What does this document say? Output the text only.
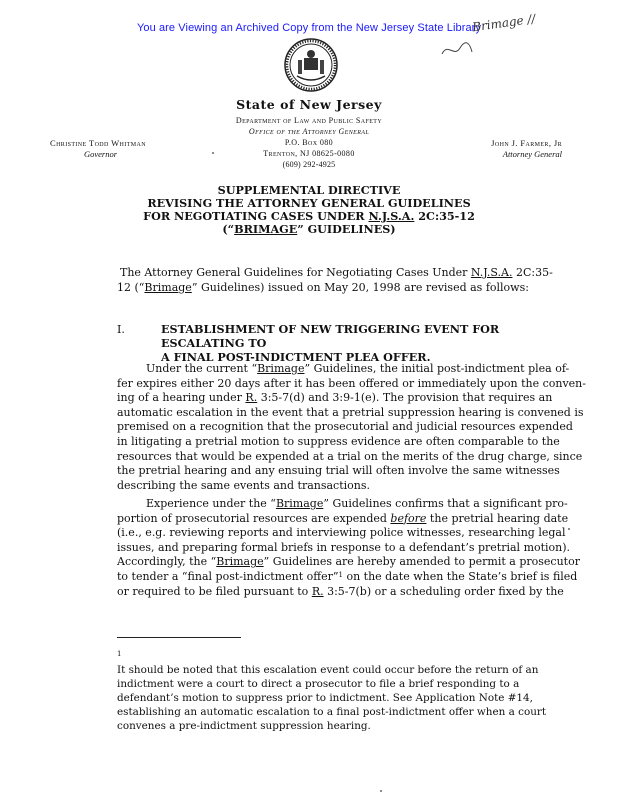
You are Viewing an Archived Copy from the New Jersey State Library
Brimage //
State of New Jersey
Department of Law and Public Safety
Office of the Attorney General
P.O. Box 080
Trenton, NJ 08625-0080
(609) 292-4925
Christine Todd Whitman
Governor
John J. Farmer, Jr
Attorney General
SUPPLEMENTAL DIRECTIVE
REVISING THE ATTORNEY GENERAL GUIDELINES
FOR NEGOTIATING CASES UNDER N.J.S.A. 2C:35-12
(“BRIMAGE” GUIDELINES)
The Attorney General Guidelines for Negotiating Cases Under N.J.S.A. 2C:35-
12 (“Brimage” Guidelines) issued on May 20, 1998 are revised as follows:
I.	ESTABLISHMENT OF NEW TRIGGERING EVENT FOR ESCALATING TO
A FINAL POST-INDICTMENT PLEA OFFER.
Under the current “Brimage” Guidelines, the initial post-indictment plea of-
fer expires either 20 days after it has been offered or immediately upon the conven-
ing of a hearing under R. 3:5-7(d) and 3:9-1(e). The provision that requires an
automatic escalation in the event that a pretrial suppression hearing is convened is
premised on a recognition that the prosecutorial and judicial resources expended
in litigating a pretrial motion to suppress evidence are often comparable to the
resources that would be expended at a trial on the merits of the drug charge, since
the pretrial hearing and any ensuing trial will often involve the same witnesses
describing the same events and transactions.
Experience under the “Brimage” Guidelines confirms that a significant pro-
portion of prosecutorial resources are expended before the pretrial hearing date
(i.e., e.g. reviewing reports and interviewing police witnesses, researching legal
issues, and preparing formal briefs in response to a defendant’s pretrial motion).
Accordingly, the “Brimage” Guidelines are hereby amended to permit a prosecutor
to tender a “final post-indictment offer”$^1$ on the date when the State’s brief is filed
or required to be filed pursuant to R. 3:5-7(b) or a scheduling order fixed by the
$^1$
It should be noted that this escalation event could occur before the return of an
indictment were a court to direct a prosecutor to file a brief responding to a
defendant’s motion to suppress prior to indictment. See Application Note #14,
establishing an automatic escalation to a final post-indictment offer when a court
convenes a pre-indictment suppression hearing.
